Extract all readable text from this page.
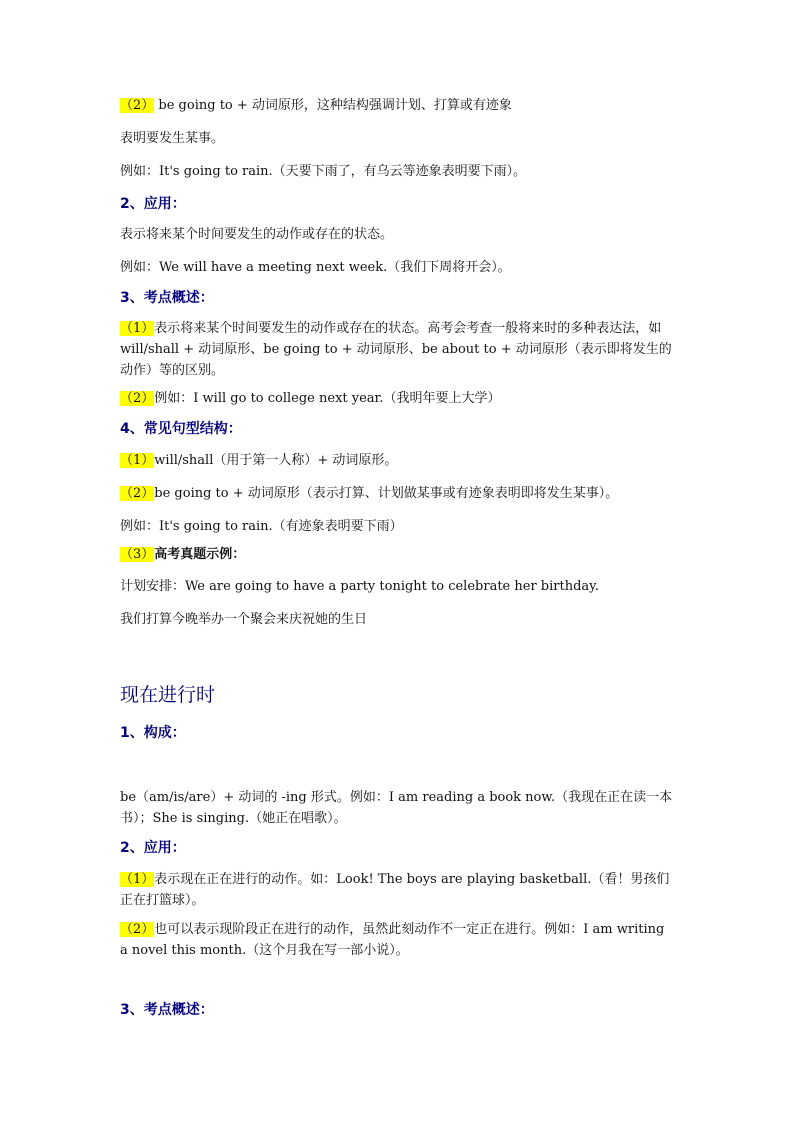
（2） be going to + 动词原形，这种结构强调计划、打算或有迹象
表明要发生某事。
例如：It's going to rain.（天要下雨了，有乌云等迹象表明要下雨）。
2、应用：
表示将来某个时间要发生的动作或存在的状态。
例如：We will have a meeting next week.（我们下周将开会）。
3、考点概述：
（1）表示将来某个时间要发生的动作或存在的状态。高考会考查一般将来时的多种表达法，如 will/shall + 动词原形、be going to + 动词原形、be about to + 动词原形（表示即将发生的动作）等的区别。
（2）例如：I will go to college next year.（我明年要上大学）
4、常见句型结构：
（1）will/shall（用于第一人称）+ 动词原形。
（2）be going to + 动词原形（表示打算、计划做某事或有迹象表明即将发生某事）。
例如：It's going to rain.（有迹象表明要下雨）
（3）高考真题示例：
计划安排：We are going to have a party tonight to celebrate her birthday.
我们打算今晚举办一个聚会来庆祝她的生日
现在进行时
1、构成：
be（am/is/are）+ 动词的 -ing 形式。例如：I am reading a book now.（我现在正在读一本书）；She is singing.（她正在唱歌）。
2、应用：
（1）表示现在正在进行的动作。如：Look! The boys are playing basketball.（看！男孩们正在打篮球）。
（2）也可以表示现阶段正在进行的动作，虽然此刻动作不一定正在进行。例如：I am writing a novel this month.（这个月我在写一部小说）。
3、考点概述：
